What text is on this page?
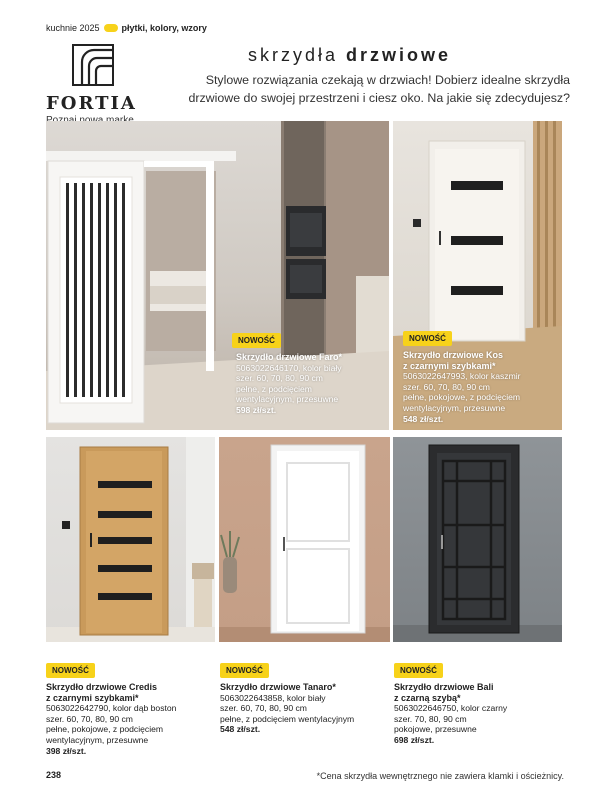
kuchnie 2025 płytki, kolory, wzory
FORTIA
skrzydła drzwiowe
Stylowe rozwiązania czekają w drzwiach! Dobierz idealne skrzydła
drzwiowe do swojej przestrzeni i ciesz oko. Na jakie się zdecydujesz?
NOWOŚĆ
Skrzydło drzwiowe Faro*
5063022646170, kolor biały
szer. 60, 70, 80, 90 cm
pełne, z podcięciem
wentylacyjnym, przesuwne
598 zł/szt.
NOWOŚĆ
Skrzydło drzwiowe Kos
z czarnymi szybkami*
5063022647993, kolor kaszmir
szer. 60, 70, 80, 90 cm
pełne, pokojowe, z podcięciem
wentylacyjnym, przesuwne
548 zł/szt.
NOWOŚĆ
Skrzydło drzwiowe Credis
z czarnymi szybkami*
5063022642790, kolor dąb boston
szer. 60, 70, 80, 90 cm
pełne, pokojowe, z podcięciem
wentylacyjnym, przesuwne
398 zł/szt.
NOWOŚĆ
Skrzydło drzwiowe Tanaro*
5063022643858, kolor biały
szer. 60, 70, 80, 90 cm
pełne, z podcięciem wentylacyjnym
548 zł/szt.
NOWOŚĆ
Skrzydło drzwiowe Bali
z czarną szybą*
5063022646750, kolor czarny
szer. 70, 80, 90 cm
pokojowe, przesuwne
698 zł/szt.
238	*Cena skrzydła wewnętrznego nie zawiera klamki i ościeżnicy.
